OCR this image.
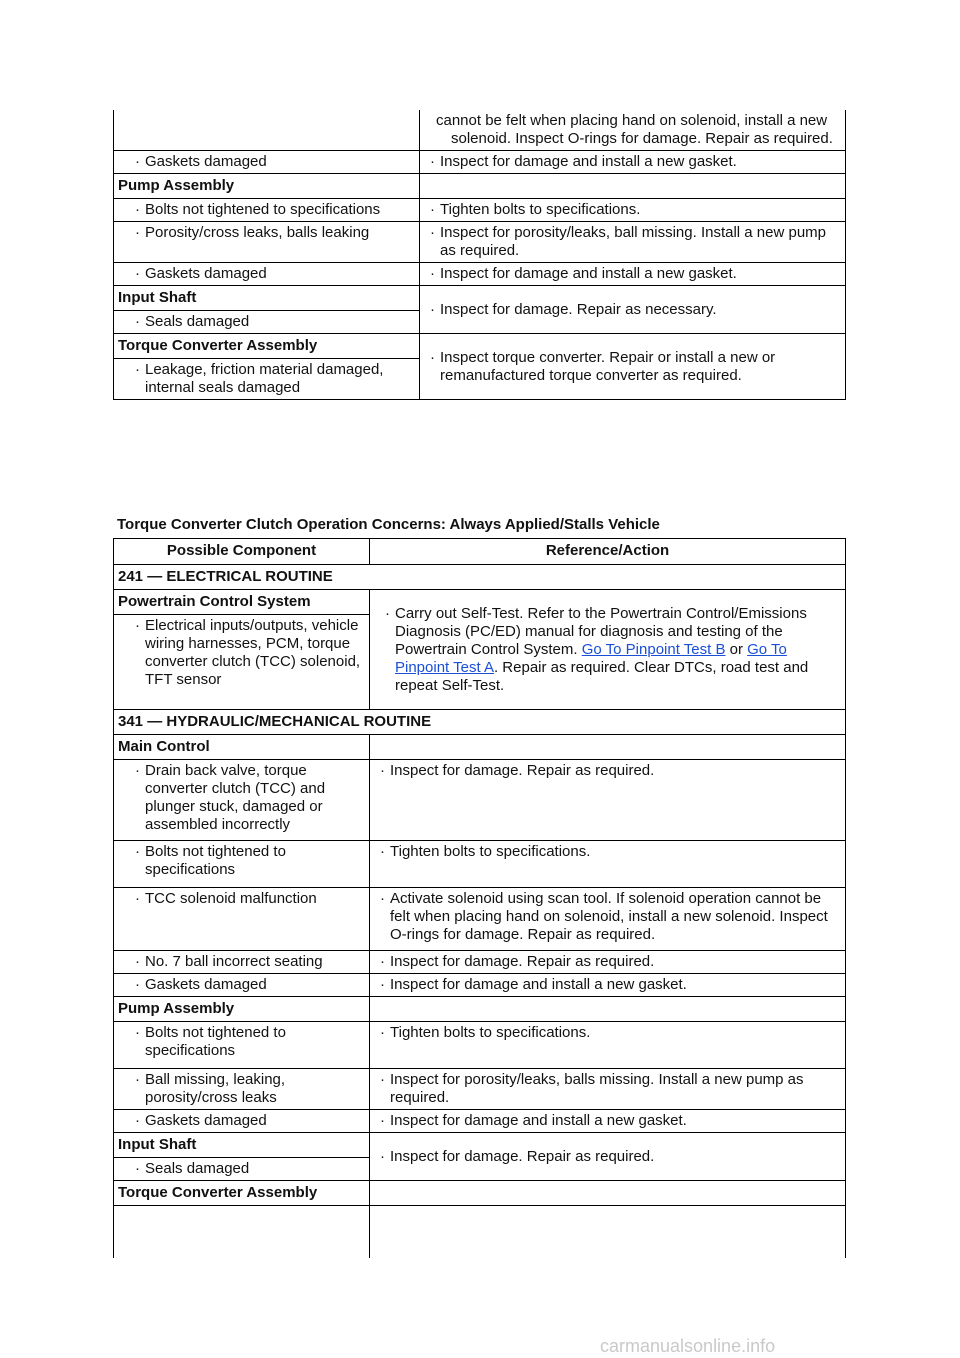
	cannot be felt when placing hand on solenoid, install a new solenoid. Inspect O-rings for damage. Repair as required.
· Gaskets damaged	· Inspect for damage and install a new gasket.
Pump Assembly	
· Bolts not tightened to specifications	· Tighten bolts to specifications.
· Porosity/cross leaks, balls leaking	· Inspect for porosity/leaks, ball missing. Install a new pump as required.
· Gaskets damaged	· Inspect for damage and install a new gasket.
Input Shaft	· Inspect for damage. Repair as necessary.
· Seals damaged	
Torque Converter Assembly	· Inspect torque converter. Repair or install a new or remanufactured torque converter as required.
· Leakage, friction material damaged, internal seals damaged	
Torque Converter Clutch Operation Concerns: Always Applied/Stalls Vehicle
Possible Component	Reference/Action
241 — ELECTRICAL ROUTINE	
Powertrain Control System	· Carry out Self-Test. Refer to the Powertrain Control/Emissions Diagnosis (PC/ED) manual for diagnosis and testing of the Powertrain Control System. Go To Pinpoint Test B or Go To Pinpoint Test A. Repair as required. Clear DTCs, road test and repeat Self-Test.
· Electrical inputs/outputs, vehicle wiring harnesses, PCM, torque converter clutch (TCC) solenoid, TFT sensor	
341 — HYDRAULIC/MECHANICAL ROUTINE	
Main Control	
· Drain back valve, torque converter clutch (TCC) and plunger stuck, damaged or assembled incorrectly	· Inspect for damage. Repair as required.
· Bolts not tightened to specifications	· Tighten bolts to specifications.
· TCC solenoid malfunction	· Activate solenoid using scan tool. If solenoid operation cannot be felt when placing hand on solenoid, install a new solenoid. Inspect O-rings for damage. Repair as required.
· No. 7 ball incorrect seating	· Inspect for damage. Repair as required.
· Gaskets damaged	· Inspect for damage and install a new gasket.
Pump Assembly	
· Bolts not tightened to specifications	· Tighten bolts to specifications.
· Ball missing, leaking, porosity/cross leaks	· Inspect for porosity/leaks, balls missing. Install a new pump as required.
· Gaskets damaged	· Inspect for damage and install a new gasket.
Input Shaft	· Inspect for damage. Repair as required.
· Seals damaged	
Torque Converter Assembly	

carmanualsonline.info
